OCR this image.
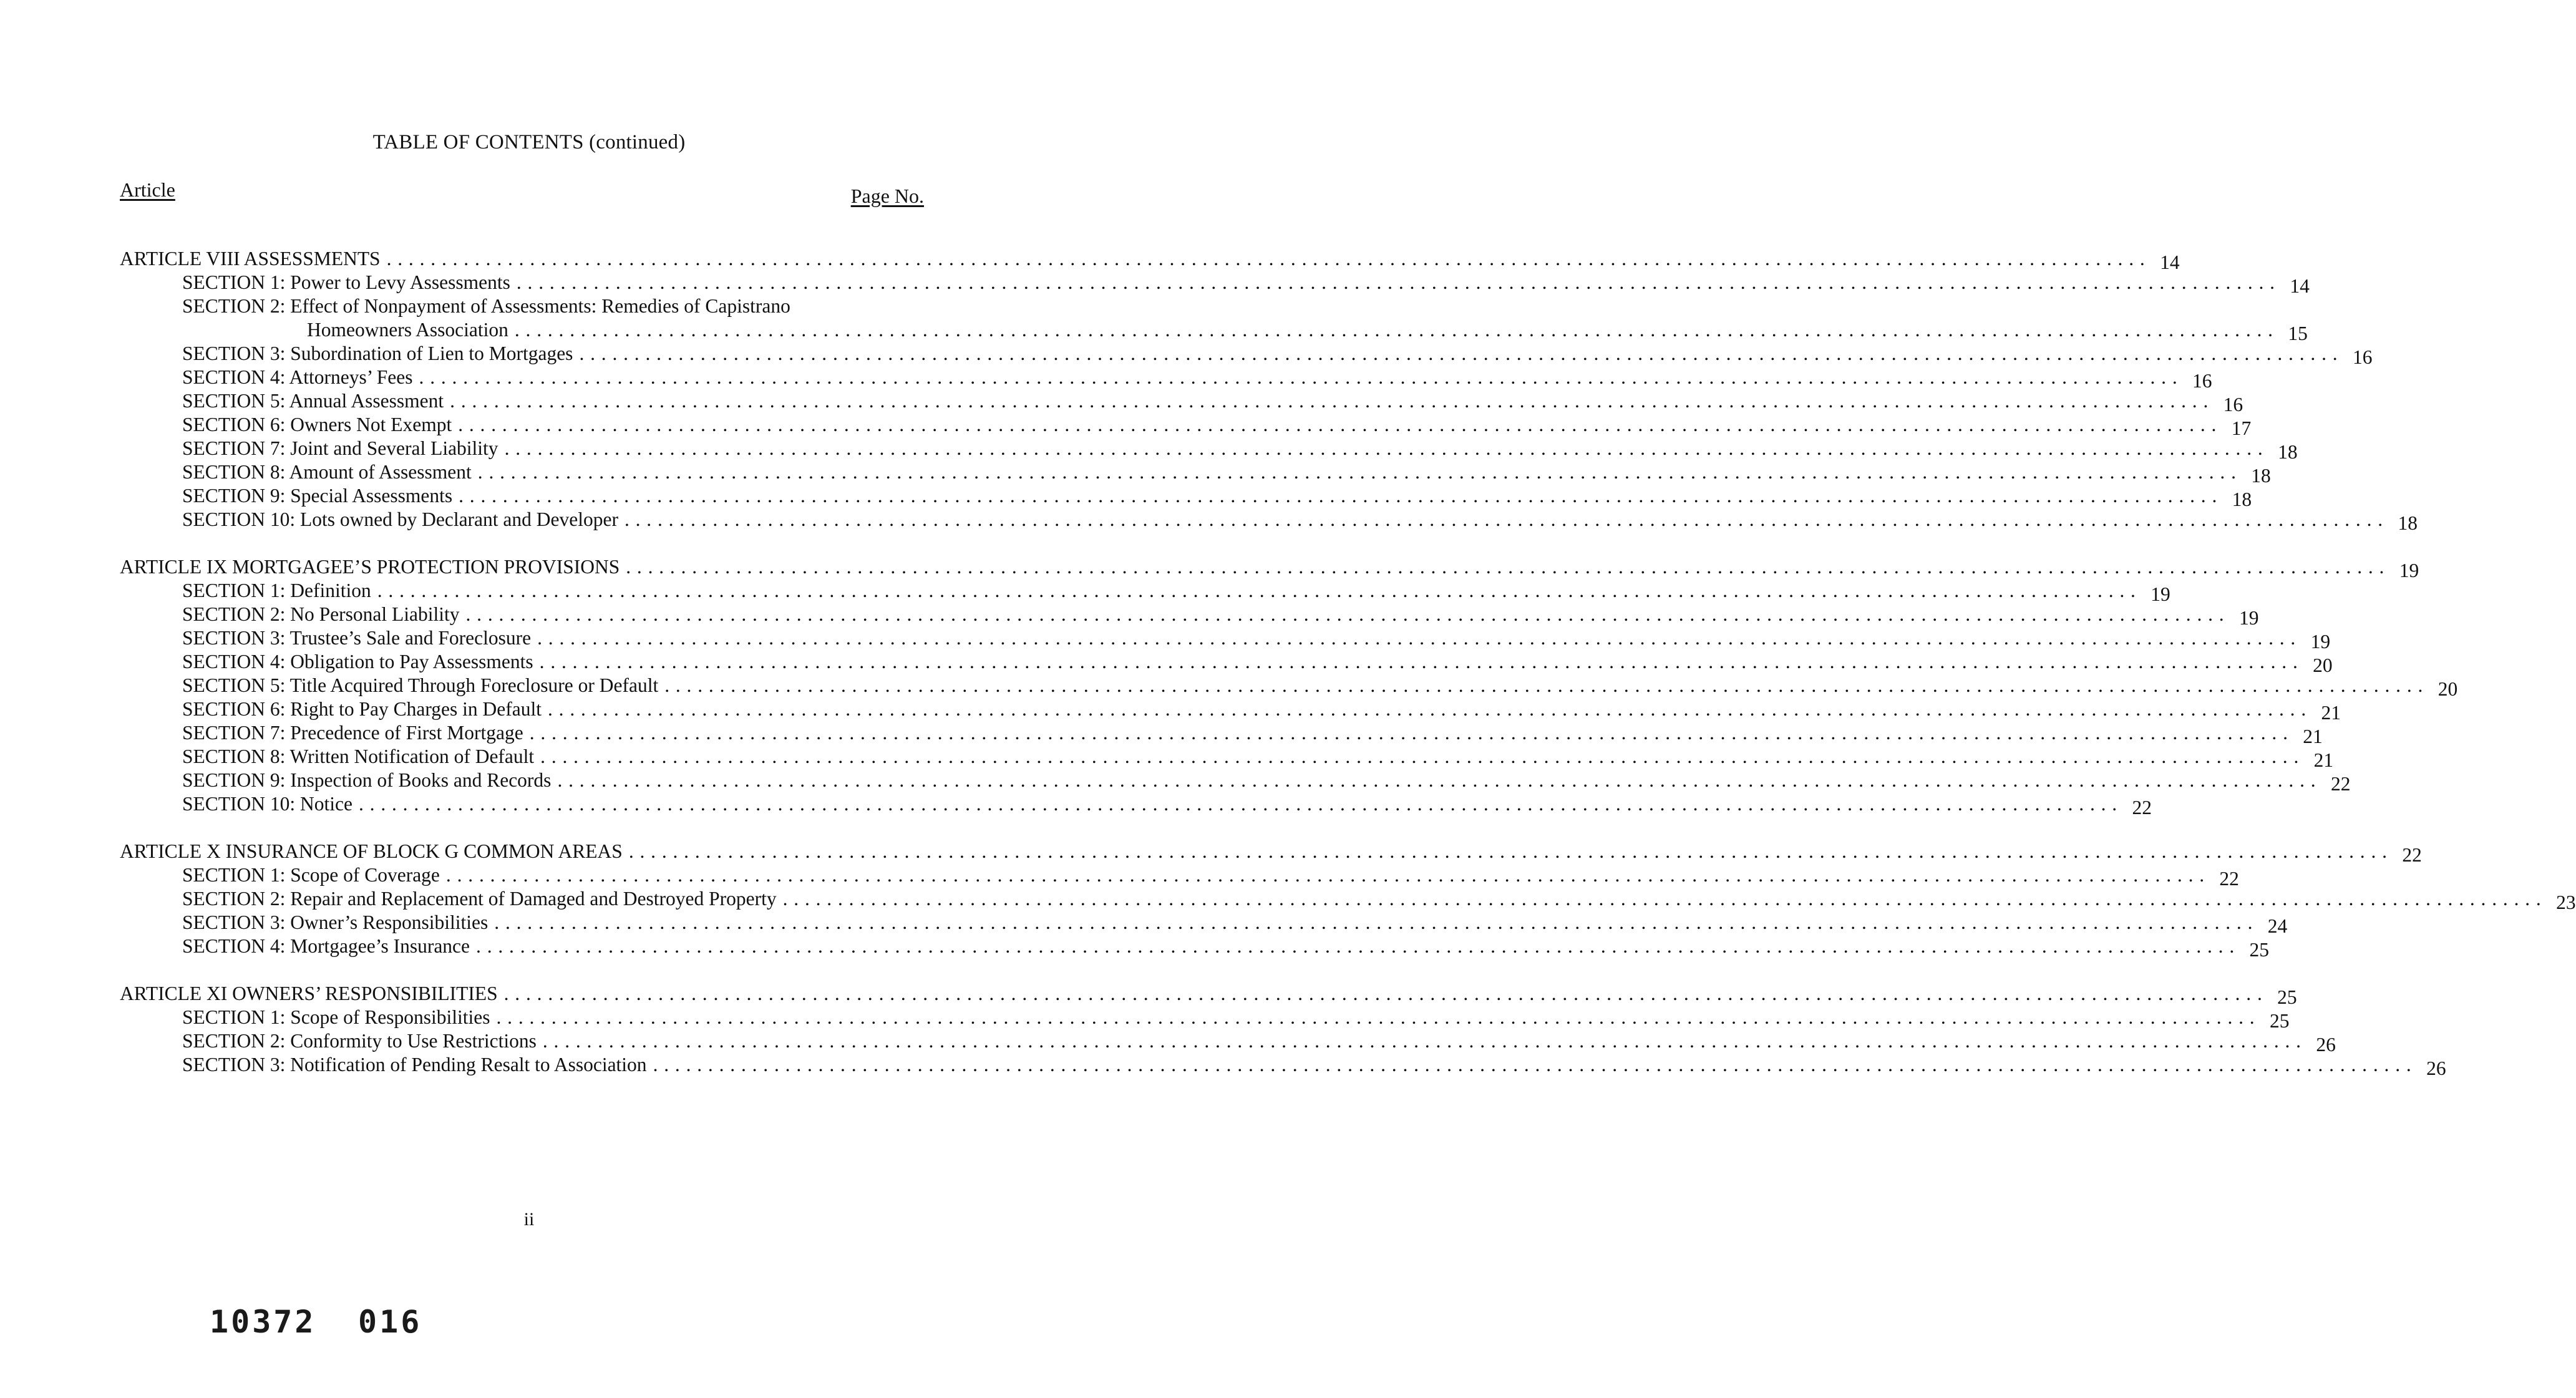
TABLE OF CONTENTS (continued)
Article	Page No.
ARTICLE VIII ASSESSMENTS ................................................................................................................................................................ 14
SECTION 1: Power to Levy Assessments ................................................................................................................................................................ 14
SECTION 2: Effect of Nonpayment of Assessments: Remedies of Capistrano
Homeowners Association ................................................................................................................................................................ 15
SECTION 3: Subordination of Lien to Mortgages ................................................................................................................................................................ 16
SECTION 4: Attorneys’ Fees ................................................................................................................................................................ 16
SECTION 5: Annual Assessment ................................................................................................................................................................ 16
SECTION 6: Owners Not Exempt ................................................................................................................................................................ 17
SECTION 7: Joint and Several Liability ................................................................................................................................................................ 18
SECTION 8: Amount of Assessment ................................................................................................................................................................ 18
SECTION 9: Special Assessments ................................................................................................................................................................ 18
SECTION 10: Lots owned by Declarant and Developer ................................................................................................................................................................ 18
ARTICLE IX MORTGAGEE’S PROTECTION PROVISIONS ................................................................................................................................................................ 19
SECTION 1: Definition ................................................................................................................................................................ 19
SECTION 2: No Personal Liability ................................................................................................................................................................ 19
SECTION 3: Trustee’s Sale and Foreclosure ................................................................................................................................................................ 19
SECTION 4: Obligation to Pay Assessments ................................................................................................................................................................ 20
SECTION 5: Title Acquired Through Foreclosure or Default ................................................................................................................................................................ 20
SECTION 6: Right to Pay Charges in Default ................................................................................................................................................................ 21
SECTION 7: Precedence of First Mortgage ................................................................................................................................................................ 21
SECTION 8: Written Notification of Default ................................................................................................................................................................ 21
SECTION 9: Inspection of Books and Records ................................................................................................................................................................ 22
SECTION 10: Notice ................................................................................................................................................................ 22
ARTICLE X INSURANCE OF BLOCK G COMMON AREAS ................................................................................................................................................................ 22
SECTION 1: Scope of Coverage ................................................................................................................................................................ 22
SECTION 2: Repair and Replacement of Damaged and Destroyed Property ................................................................................................................................................................ 23
SECTION 3: Owner’s Responsibilities ................................................................................................................................................................ 24
SECTION 4: Mortgagee’s Insurance ................................................................................................................................................................ 25
ARTICLE XI OWNERS’ RESPONSIBILITIES ................................................................................................................................................................ 25
SECTION 1: Scope of Responsibilities ................................................................................................................................................................ 25
SECTION 2: Conformity to Use Restrictions ................................................................................................................................................................ 26
SECTION 3: Notification of Pending Resalt to Association ................................................................................................................................................................ 26
ii
10372 016
